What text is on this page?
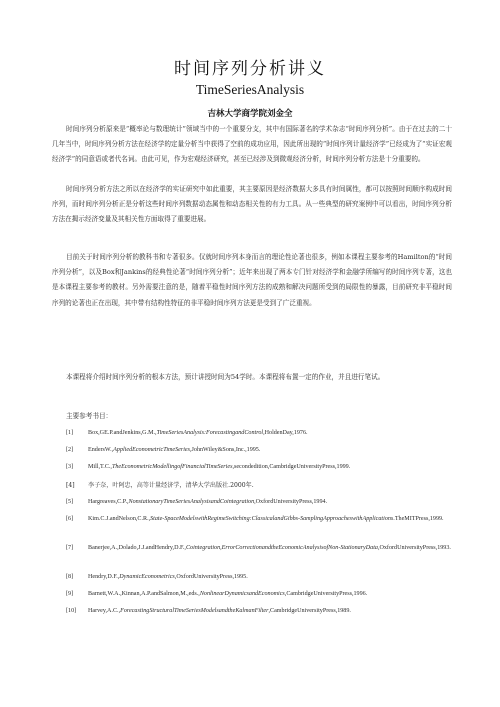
时间序列分析讲义
TimeSeriesAnalysis
吉林大学商学院刘金全
时间序列分析原来是“概率论与数理统计”领域当中的一个重要分支，其中有国际著名的学术杂志“时间序列分析”。由于在过去的二十几年当中，时间序列分析方法在经济学的定量分析当中获得了空前的成功应用，因此所出现的“时间序列计量经济学”已经成为了“实证宏观经济学”的同意语或者代名词。由此可见，作为宏观经济研究，甚至已经涉及到微观经济分析，时间序列分析方法是十分重要的。
时间序列分析方法之所以在经济学的实证研究中如此重要，其主要原因是经济数据大多具有时间属性，都可以按照时间顺序构成时间序列，而时间序列分析正是分析这些时间序列数据动态属性和动态相关性的有力工具。从一些典型的研究案例中可以看出，时间序列分析方法在揭示经济变量及其相关性方面取得了重要进展。
目前关于时间序列分析的教科书和专著很多。仅就时间序列本身而言的理论性论著也很多，例如本课程主要参考的Hamilton的“时间序列分析”，以及Box和Jankins的经典性论著“时间序列分析”；近年来出现了两本专门针对经济学和金融学所编写的时间序列专著，这也是本课程主要参考的教材。另外需要注意的是，随着平稳性时间序列方法的成熟和解决问题所受到的局限性的暴露，目前研究非平稳时间序列的论著也正在出现，其中带有结构性特征的非平稳时间序列方法更是受到了广泛重视。
本课程将介绍时间序列分析的根本方法，预计讲授时间为54学时。本课程将布置一定的作业，并且进行笔试。
主要参考书目：
[1] Box,GE.P.andJenkins,G.M.,TimeSeriesAnalysis:ForecastingandControl,HoldenDay,1976.
[2] EndersW.,AppliedEconometricTimeSeries,JohnWiley&Sons,Inc.,1995.
[3] Mill,T.C.,TheEconometricModellingofFinancialTimeSeries,secondedition,CambridgeUniversityPress,1999.
[4] 李子奈，叶阿忠，高等计量经济学，清华大学出版社.2000年.
[5] Hargreaves,C.P.,NonstationaryTimeSeriesAnalysisandCointegration,OxfordUniversityPress,1994.
[6] Kim.C.J.andNelson,C.R.,State-SpaceModelswithRegimeSwitching:ClassicalandGibbs-SamplingApproacheswithApplications.TheMITPress,1999.
[7] Banerjee,A.,Dolado,J.J.andHendry,D.F.,Cointegration,ErrorCorrectionandtheEconomicAnalysisofNon-StationaryData,OxfordUniversityPress,1993.
[8] Hendry,D.F.,DynamicEconometrics,OxfordUniversityPress,1995.
[9] Barnett,W.A.,Kinnan,A.P.andSalmon,M.,eds.,NonlinearDynamicsandEconomics,CambridgeUniversityPress,1996.
[10] Harvey,A.C.,ForecastingStructuralTimeSeriesModelsandtheKalmanFilter,CambridgeUniversityPress,1989.
